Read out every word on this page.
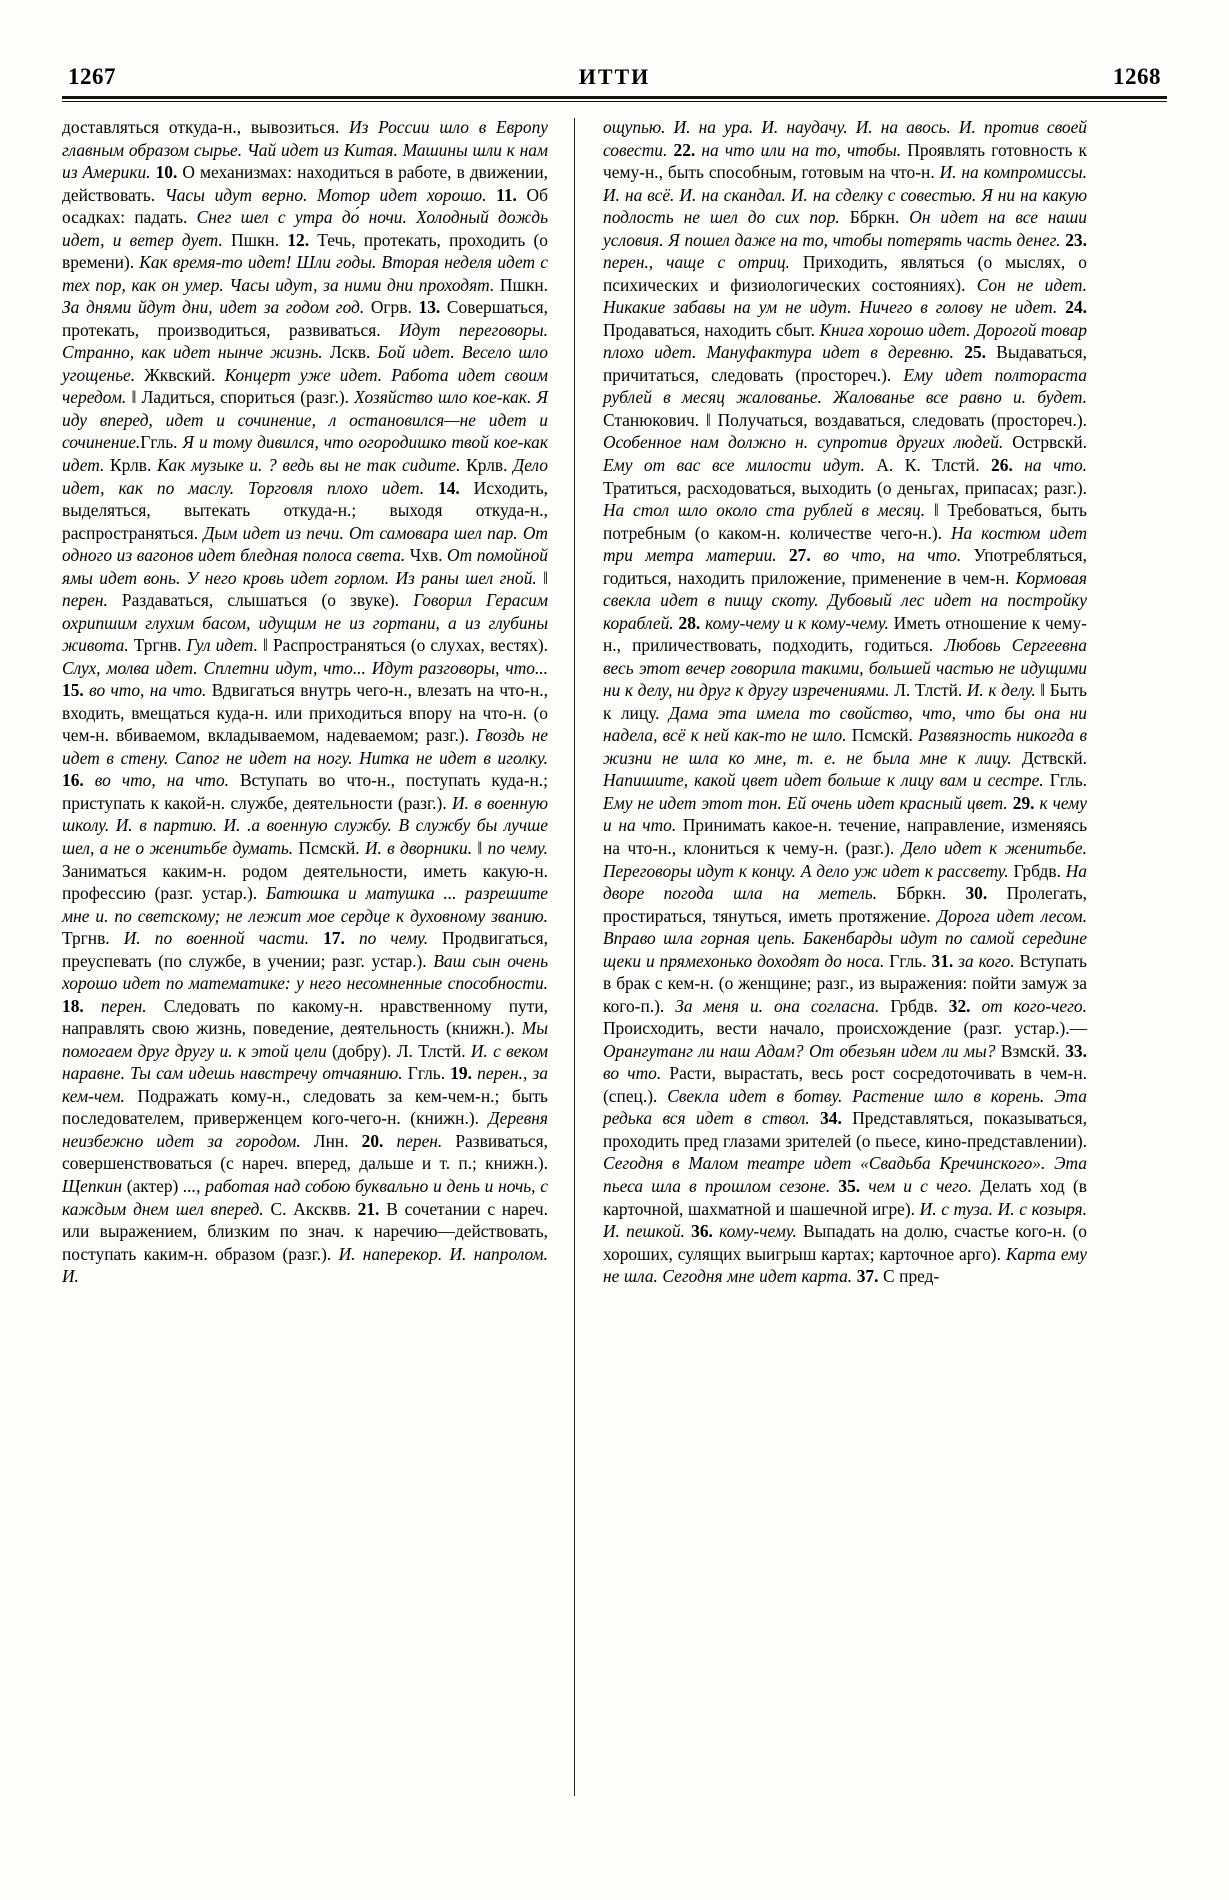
1267	ИТТИ	1268
доставляться откуда-н., вывозиться. Из России шло в Европу главным образом сырье. Чай идет из Китая. Машины шли к нам из Америки. 10. О механизмах: находиться в работе, в движении, действовать. Часы идут верно. Мотор идет хорошо. 11. Об осадках: падать. Снег шел с утра до́ ночи. Холодный дождь идет, и ветер дует. Пшкн. 12. Течь, протекать, проходить (о времени). Как время-то идет! Шли годы. Вторая неделя идет с тех пор, как он умер. Часы идут, за ними дни проходят. Пшкн. За днями йдут дни, идет за годом год. Огрв. 13. Совершаться, протекать, производиться, развиваться. Идут переговоры. Странно, как идет нынче жизнь. Лскв. Бой идет. Весело шло угощенье. Жквский. Концерт уже идет. Работа идет своим чередом. ‖ Ладиться, спориться (разг.). Хозяйство шло кое-как. Я иду вперед, идет и сочинение, л остановился—не идет и сочинение.Ггль. Я и тому дивился, что огородишко твой кое-как идет. Крлв. Как музыке и. ? ведь вы не так сидите. Крлв. Дело идет, как по маслу. Торговля плохо идет. 14. Исходить, выделяться, вытекать откуда-н.; выходя откуда-н., распространяться. Дым идет из печи. От самовара шел пар. От одного из вагонов идет бледная полоса света. Чхв. От помойной ямы идет вонь. У него кровь идет горлом. Из раны шел гной. ‖ перен. Раздаваться, слышаться (о звуке). Говорил Герасим охрипшим глухим басом, идущим не из гортани, а из глубины живота. Тргнв. Гул идет. ‖ Распространяться (о слухах, вестях). Слух, молва идет. Сплетни идут, что... Идут разговоры, что... 15. во что, на что. Вдвигаться внутрь чего-н., влезать на что-н., входить, вмещаться куда-н. или приходиться впору на что-н. (о чем-н. вбиваемом, вкладываемом, надеваемом; разг.). Гвоздь не идет в стену. Сапог не идет на ногу. Нитка не идет в иголку. 16. во что, на что. Вступать во что-н., поступать куда-н.; приступать к какой-н. службе, деятельности (разг.). И. в военную школу. И. в партию. И. .а военную службу. В службу бы лучше шел, а не о женитьбе думать. Псмскй. И. в дворники. ‖ по чему. Заниматься каким-н. родом деятельности, иметь какую-н. профессию (разг. устар.). Батюшка и матушка ... разрешите мне и. по светскому; не лежит мое сердце к духовному званию. Тргнв. И. по военной части. 17. по чему. Продвигаться, преуспевать (по службе, в учении; разг. устар.). Ваш сын очень хорошо идет по математике: у него несомненные способности. 18. перен. Следовать по какому-н. нравственному пути, направлять свою жизнь, поведение, деятельность (книжн.). Мы помогаем друг другу и. к этой цели (добру). Л. Тлстй. И. с веком наравне. Ты сам идешь навстречу отчаянию. Ггль. 19. перен., за кем-чем. Подражать кому-н., следовать за кем-чем-н.; быть последователем, приверженцем кого-чего-н. (книжн.). Деревня неизбежно идет за городом. Лнн. 20. перен. Развиваться, совершенствоваться (с нареч. вперед, дальше и т. п.; книжн.). Щепкин (актер) ..., работая над собою буквально и день и ночь, с каждым днем шел вперед. С. Аксквв. 21. В сочетании с нареч. или выражением, близким по знач. к наречию—действовать, поступать каким-н. образом (разг.). И. наперекор. И. напролом. И.
ощупью. И. на ура. И. наудачу. И. на авось. И. против своей совести. 22. на что или на то, чтобы. Проявлять готовность к чему-н., быть способным, готовым на что-н. И. на компромиссы. И. на всё. И. на скандал. И. на сделку с совестью. Я ни на какую подлость не шел до сих пор. Ббркн. Он идет на все наши условия. Я пошел даже на то, чтобы потерять часть денег. 23. перен., чаще с отриц. Приходить, являться (о мыслях, о психических и физиологических состояниях). Сон не идет. Никакие забавы на ум не идут. Ничего в голову не идет. 24. Продаваться, находить сбыт. Книга хорошо идет. Дорогой товар плохо идет. Мануфактура идет в деревню. 25. Выдаваться, причитаться, следовать (простореч.). Ему идет полтораста рублей в месяц жалованье. Жалованье все равно и. будет. Станюкович. ‖ Получаться, воздаваться, следовать (простореч.). Особенное нам должно н. супротив других людей. Острвскй. Ему от вас все милости идут. А. К. Тлстй. 26. на что. Тратиться, расходоваться, выходить (о деньгах, припасах; разг.). На стол шло около ста рублей в месяц. ‖ Требоваться, быть потребным (о каком-н. количестве чего-н.). На костюм идет три метра материи. 27. во что, на что. Употребляться, годиться, находить приложение, применение в чем-н. Кормовая свекла идет в пищу скоту. Дубовый лес идет на постройку кораблей. 28. кому-чему и к кому-чему. Иметь отношение к чему-н., приличествовать, подходить, годиться. Любовь Сергеевна весь этот вечер говорила такими, большей частью не идущими ни к делу, ни друг к другу изречениями. Л. Тлстй. И. к делу. ‖ Быть к лицу. Дама эта имела то свойство, что, что бы она ни надела, всё к ней как-то не шло. Псмскй. Развязность никогда в жизни не шла ко мне, т. е. не была мне к лицу. Дствскй. Напишите, какой цвет идет больше к лицу вам и сестре. Ггль. Ему не идет этот тон. Ей очень идет красный цвет. 29. к чему и на что. Принимать какое-н. течение, направление, изменяясь на что-н., клониться к чему-н. (разг.). Дело идет к женитьбе. Переговоры идут к концу. А дело уж идет к рассвету. Грбдв. На дворе погода шла на метель. Ббркн. 30. Пролегать, простираться, тянуться, иметь протяжение. Дорога идет лесом. Вправо шла горная цепь. Бакенбарды идут по самой середине щеки и прямехонько доходят до носа. Ггль. 31. за кого. Вступать в брак с кем-н. (о женщине; разг., из выражения: пойти замуж за кого-п.). За меня и. она согласна. Грбдв. 32. от кого-чего. Происходить, вести начало, происхождение (разг. устар.).—Орангутанг ли наш Адам? От обезьян идем ли мы? Взмскй. 33. во что. Расти, вырастать, весь рост сосредоточивать в чем-н. (спец.). Свекла идет в ботву. Растение шло в корень. Эта редька вся идет в ствол. 34. Представляться, показываться, проходить пред глазами зрителей (о пьесе, кино-представлении). Сегодня в Малом театре идет «Свадьба Кречинского». Эта пьеса шла в прошлом сезоне. 35. чем и с чего. Делать ход (в карточной, шахматной и шашечной игре). И. с туза. И. с козыря. И. пешкой. 36. кому-чему. Выпадать на долю, счастье кого-н. (о хороших, сулящих выигрыш картах; карточное арго). Карта ему не шла. Сегодня мне идет карта. 37. С пред-
